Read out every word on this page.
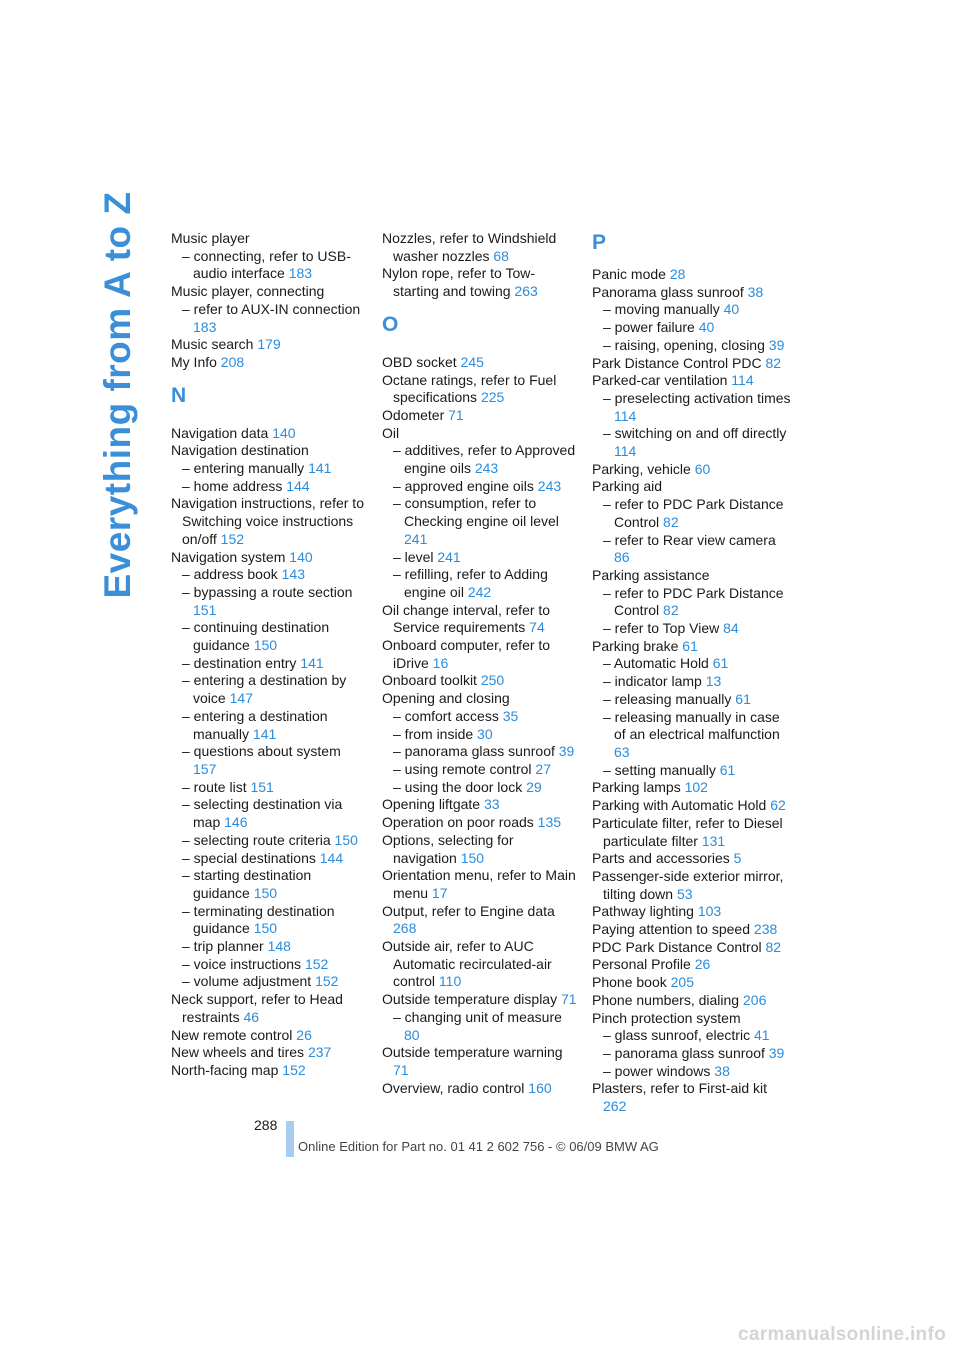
Everything from A to Z Music player

– connecting, refer to USB-audio interface 183

Music player, connecting

– refer to AUX-IN connection 183

Music search 179

My Info 208

N

Navigation data 140

Navigation destination

– entering manually 141

– home address 144

Navigation instructions, refer to Switching voice instructions on/off 152

Navigation system 140

– address book 143

– bypassing a route section 151

– continuing destination guidance 150

– destination entry 141

– entering a destination by voice 147

– entering a destination manually 141

– questions about system 157

– route list 151

– selecting destination via map 146

– selecting route criteria 150

– special destinations 144

– starting destination guidance 150

– terminating destination guidance 150

– trip planner 148

– voice instructions 152

– volume adjustment 152

Neck support, refer to Head restraints 46

New remote control 26

New wheels and tires 237

North-facing map 152

Nozzles, refer to Windshield washer nozzles 68

Nylon rope, refer to Tow-starting and towing 263

O

OBD socket 245

Octane ratings, refer to Fuel specifications 225

Odometer 71

Oil

– additives, refer to Approved engine oils 243

– approved engine oils 243

– consumption, refer to Checking engine oil level 241

– level 241

– refilling, refer to Adding engine oil 242

Oil change interval, refer to Service requirements 74

Onboard computer, refer to iDrive 16

Onboard toolkit 250

Opening and closing

– comfort access 35

– from inside 30

– panorama glass sunroof 39

– using remote control 27

– using the door lock 29

Opening liftgate 33

Operation on poor roads 135

Options, selecting for navigation 150

Orientation menu, refer to Main menu 17

Output, refer to Engine data 268

Outside air, refer to AUC Automatic recirculated-air control 110

Outside temperature display 71

– changing unit of measure 80

Outside temperature warning 71

Overview, radio control 160

P

Panic mode 28

Panorama glass sunroof 38

– moving manually 40

– power failure 40

– raising, opening, closing 39

Park Distance Control PDC 82

Parked-car ventilation 114

– preselecting activation times 114

– switching on and off directly 114

Parking, vehicle 60

Parking aid

– refer to PDC Park Distance Control 82

– refer to Rear view camera 86

Parking assistance

– refer to PDC Park Distance Control 82

– refer to Top View 84

Parking brake 61

– Automatic Hold 61

– indicator lamp 13

– releasing manually 61

– releasing manually in case of an electrical malfunction 63

– setting manually 61

Parking lamps 102

Parking with Automatic Hold 62

Particulate filter, refer to Diesel particulate filter 131

Parts and accessories 5

Passenger-side exterior mirror, tilting down 53

Pathway lighting 103

Paying attention to speed 238

PDC Park Distance Control 82

Personal Profile 26

Phone book 205

Phone numbers, dialing 206

Pinch protection system

– glass sunroof, electric 41

– panorama glass sunroof 39

– power windows 38

Plasters, refer to First-aid kit 262

288
Online Edition for Part no. 01 41 2 602 756 - © 06/09 BMW AG
carmanualsonline.info
